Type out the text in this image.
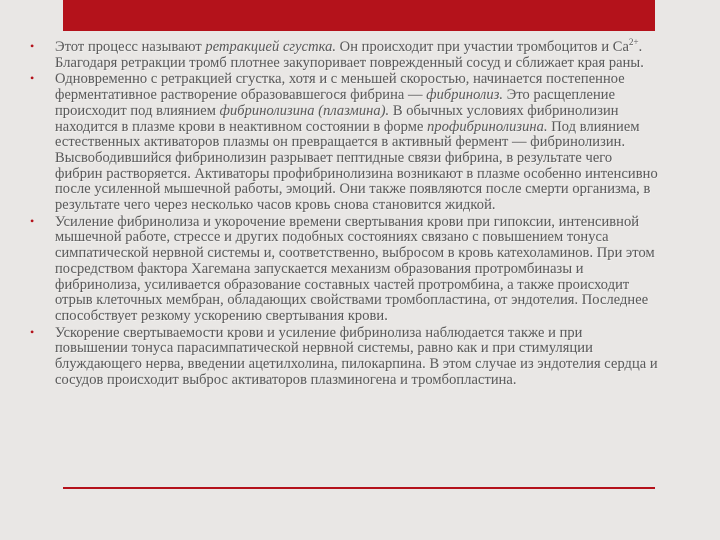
•	Этот процесс называют ретракцией сгустка. Он происходит при участии тромбоцитов и $Са^{2+}$. Благодаря ретракции тромб плотнее закупоривает поврежденный сосуд и сближает края раны.
•	Одновременно с ретракцией сгустка, хотя и с меньшей скоростью, начинается постепенное ферментативное растворение образовавшегося фибрина — фибринолиз. Это расщепление происходит под влиянием фибринолизина (плазмина). В обычных условиях фибринолизин находится в плазме крови в неактивном состоянии в форме профибринолизина. Под влиянием естественных активаторов плазмы он превращается в активный фермент — фибринолизин. Высвободившийся фибринолизин разрывает пептидные связи фибрина, в результате чего фибрин растворяется. Активаторы профибринолизина возникают в плазме особенно интенсивно после усиленной мышечной работы, эмоций. Они также появляются после смерти организма, в результате чего через несколько часов кровь снова становится жидкой.
•	Усиление фибринолиза и укорочение времени свертывания крови при гипоксии, интенсивной мышечной работе, стрессе и других подобных состояниях связано с повышением тонуса симпатической нервной системы и, соответственно, выбросом в кровь катехоламинов. При этом посредством фактора Хагемана запускается механизм образования протромбиназы и фибринолиза, усиливается образование составных частей протромбина, а также происходит отрыв клеточных мембран, обладающих свойствами тромбопластина, от эндотелия. Последнее способствует резкому ускорению свертывания крови.
•	Ускорение свертываемости крови и усиление фибринолиза наблюдается также и при повышении тонуса парасимпатической нервной системы, равно как и при стимуляции блуждающего нерва, введении ацетилхолина, пилокарпина. В этом случае из эндотелия сердца и сосудов происходит выброс активаторов плазминогена и тромбопластина.
